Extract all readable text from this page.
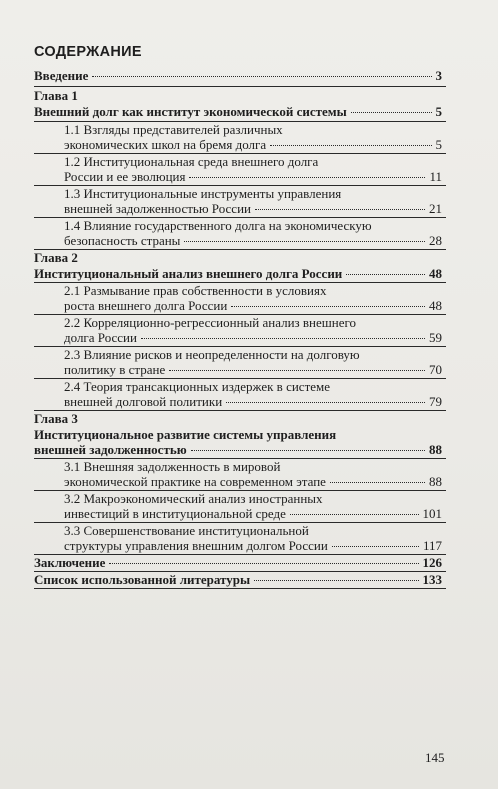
СОДЕРЖАНИЕ
Введение	3
Глава 1
Внешний долг как институт экономической системы	5
1.1 Взгляды представителей различных
экономических школ на бремя долга	5
1.2 Институциональная среда внешнего долга
России и ее эволюция	11
1.3 Институциональные инструменты управления
внешней задолженностью России	21
1.4 Влияние государственного долга на экономическую
безопасность страны	28
Глава 2
Институциональный анализ внешнего долга России	48
2.1 Размывание прав собственности в условиях
роста внешнего долга России	48
2.2 Корреляционно-регрессионный анализ внешнего
долга России	59
2.3 Влияние рисков и неопределенности на долговую
политику в стране	70
2.4 Теория трансакционных издержек в системе
внешней долговой политики	79
Глава 3
Институциональное развитие системы управления
внешней задолженностью	88
3.1 Внешняя задолженность в мировой
экономической практике на современном этапе	88
3.2 Макроэкономический анализ иностранных
инвестиций в институциональной среде	101
3.3 Совершенствование институциональной
структуры управления внешним долгом России	117
Заключение	126
Список использованной литературы	133
145
